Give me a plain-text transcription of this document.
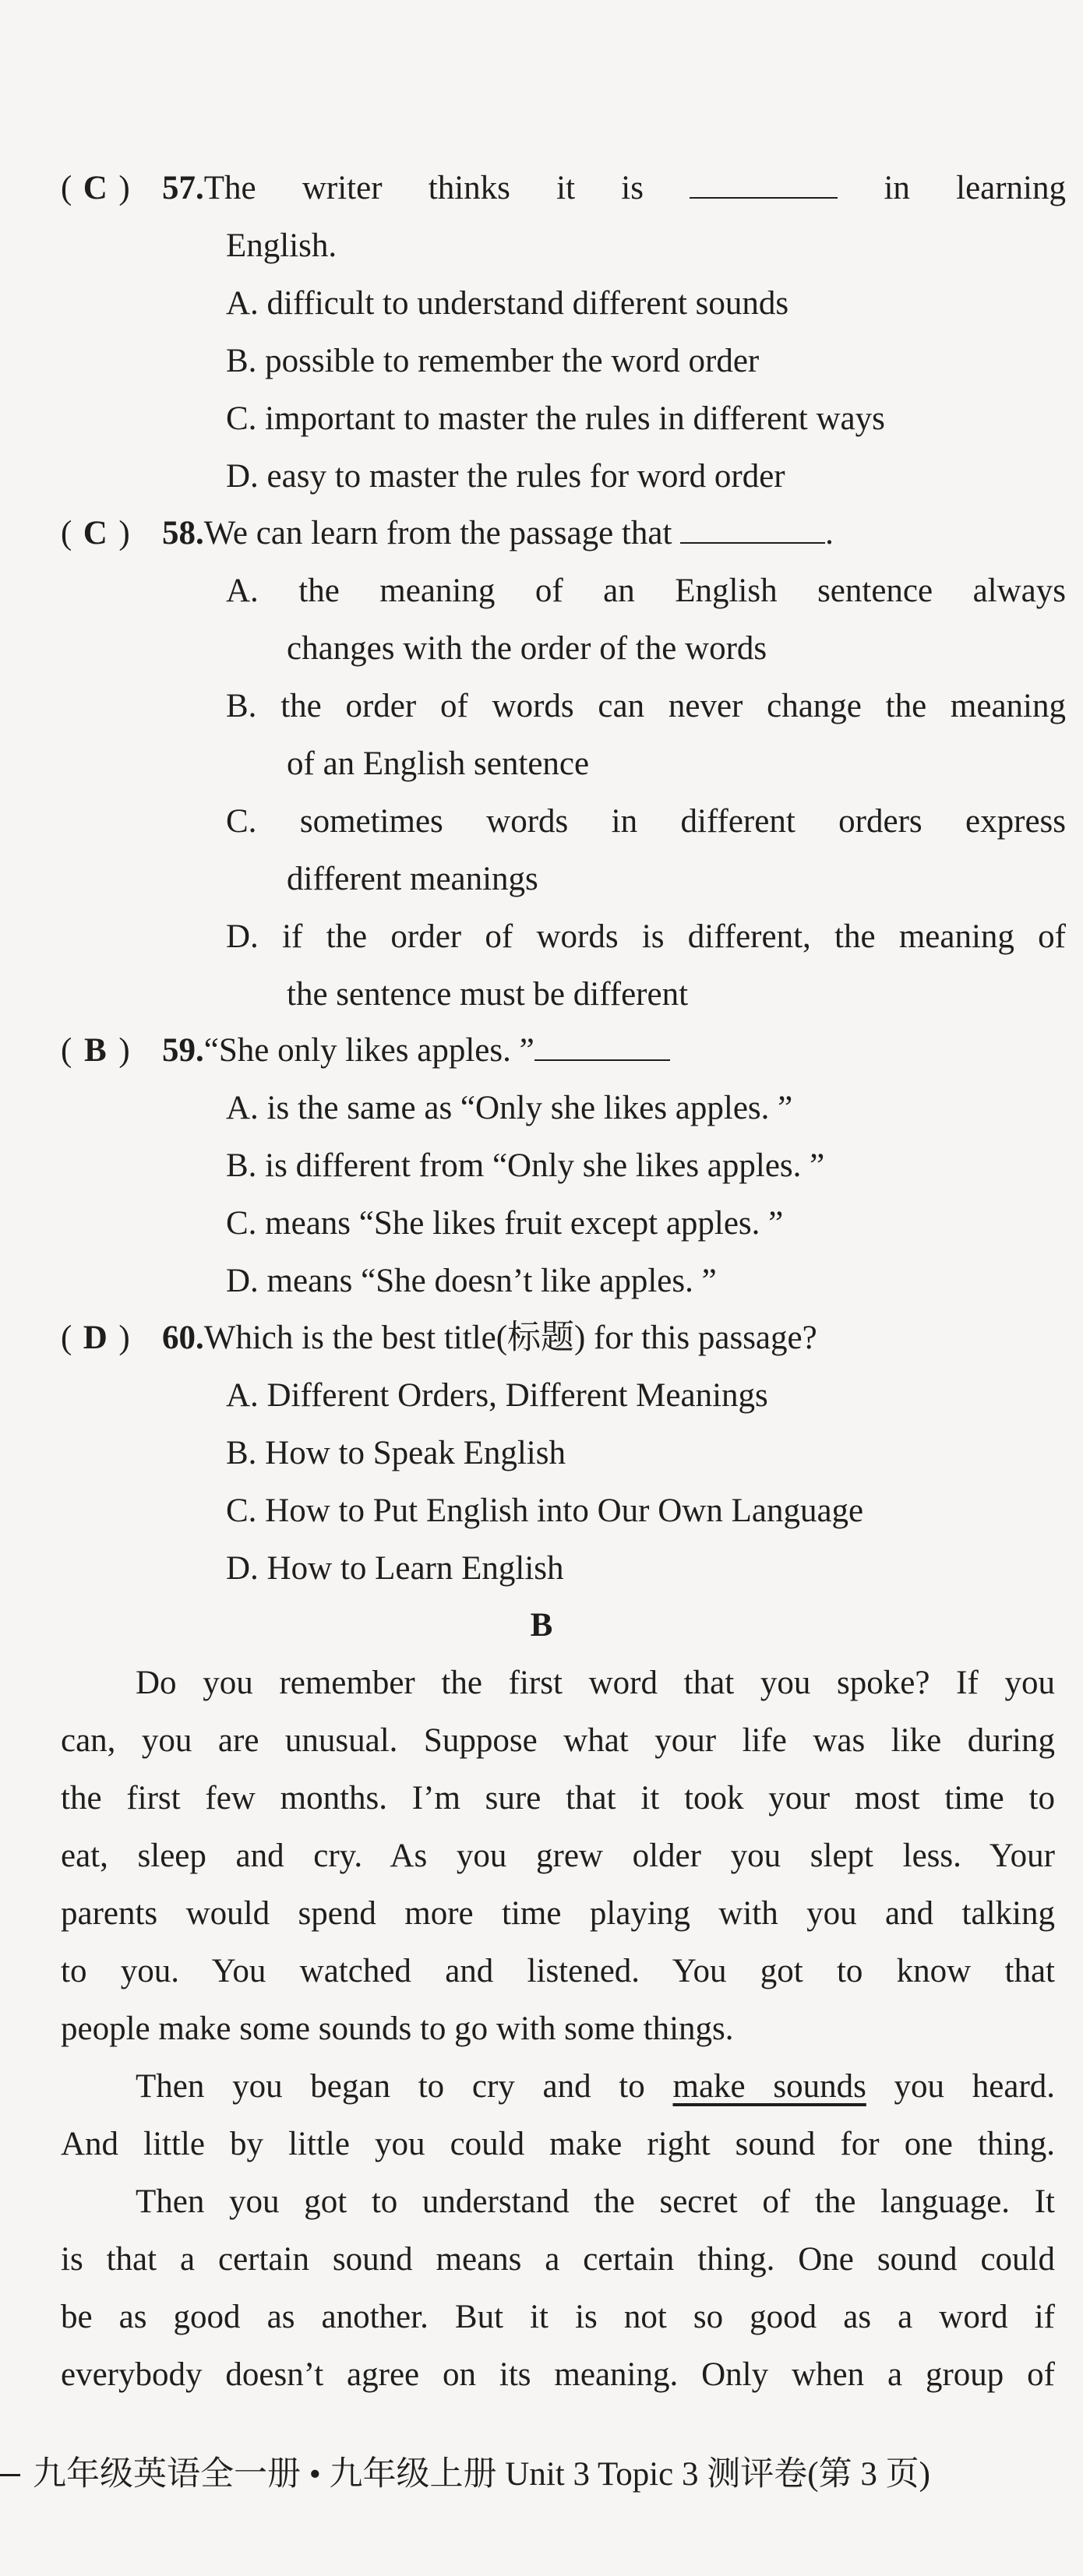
( C ) 57. The writer thinks it is	in learning
English.
A. difficult to understand different sounds
B. possible to remember the word order
C. important to master the rules in different ways
D. easy to master the rules for word order
( C ) 58. We can learn from the passage that	.
A. the meaning of an English sentence always
changes with the order of the words
B. the order of words can never change the meaning
of an English sentence
C. sometimes words in different orders express
different meanings
D. if the order of words is different, the meaning of
the sentence must be different
( B ) 59. “She only likes apples. ”
A. is the same as “Only she likes apples. ”
B. is different from “Only she likes apples. ”
C. means “She likes fruit except apples. ”
D. means “She doesn’t like apples. ”
( D ) 60. Which is the best title(标题) for this passage?
A. Different Orders, Different Meanings
B. How to Speak English
C. How to Put English into Our Own Language
D. How to Learn English
B
Do you remember the first word that you spoke? If you
can, you are unusual. Suppose what your life was like during
the first few months. I’m sure that it took your most time to
eat, sleep and cry. As you grew older you slept less. Your
parents would spend more time playing with you and talking
to you. You watched and listened. You got to know that
people make some sounds to go with some things.
Then you began to cry and to make sounds you heard.
And little by little you could make right sound for one thing.
Then you got to understand the secret of the language. It
is that a certain sound means a certain thing. One sound could
be as good as another. But it is not so good as a word if
everybody doesn’t agree on its meaning. Only when a group of
九年级英语全一册 • 九年级上册 Unit 3 Topic 3 测评卷(第 3 页)
